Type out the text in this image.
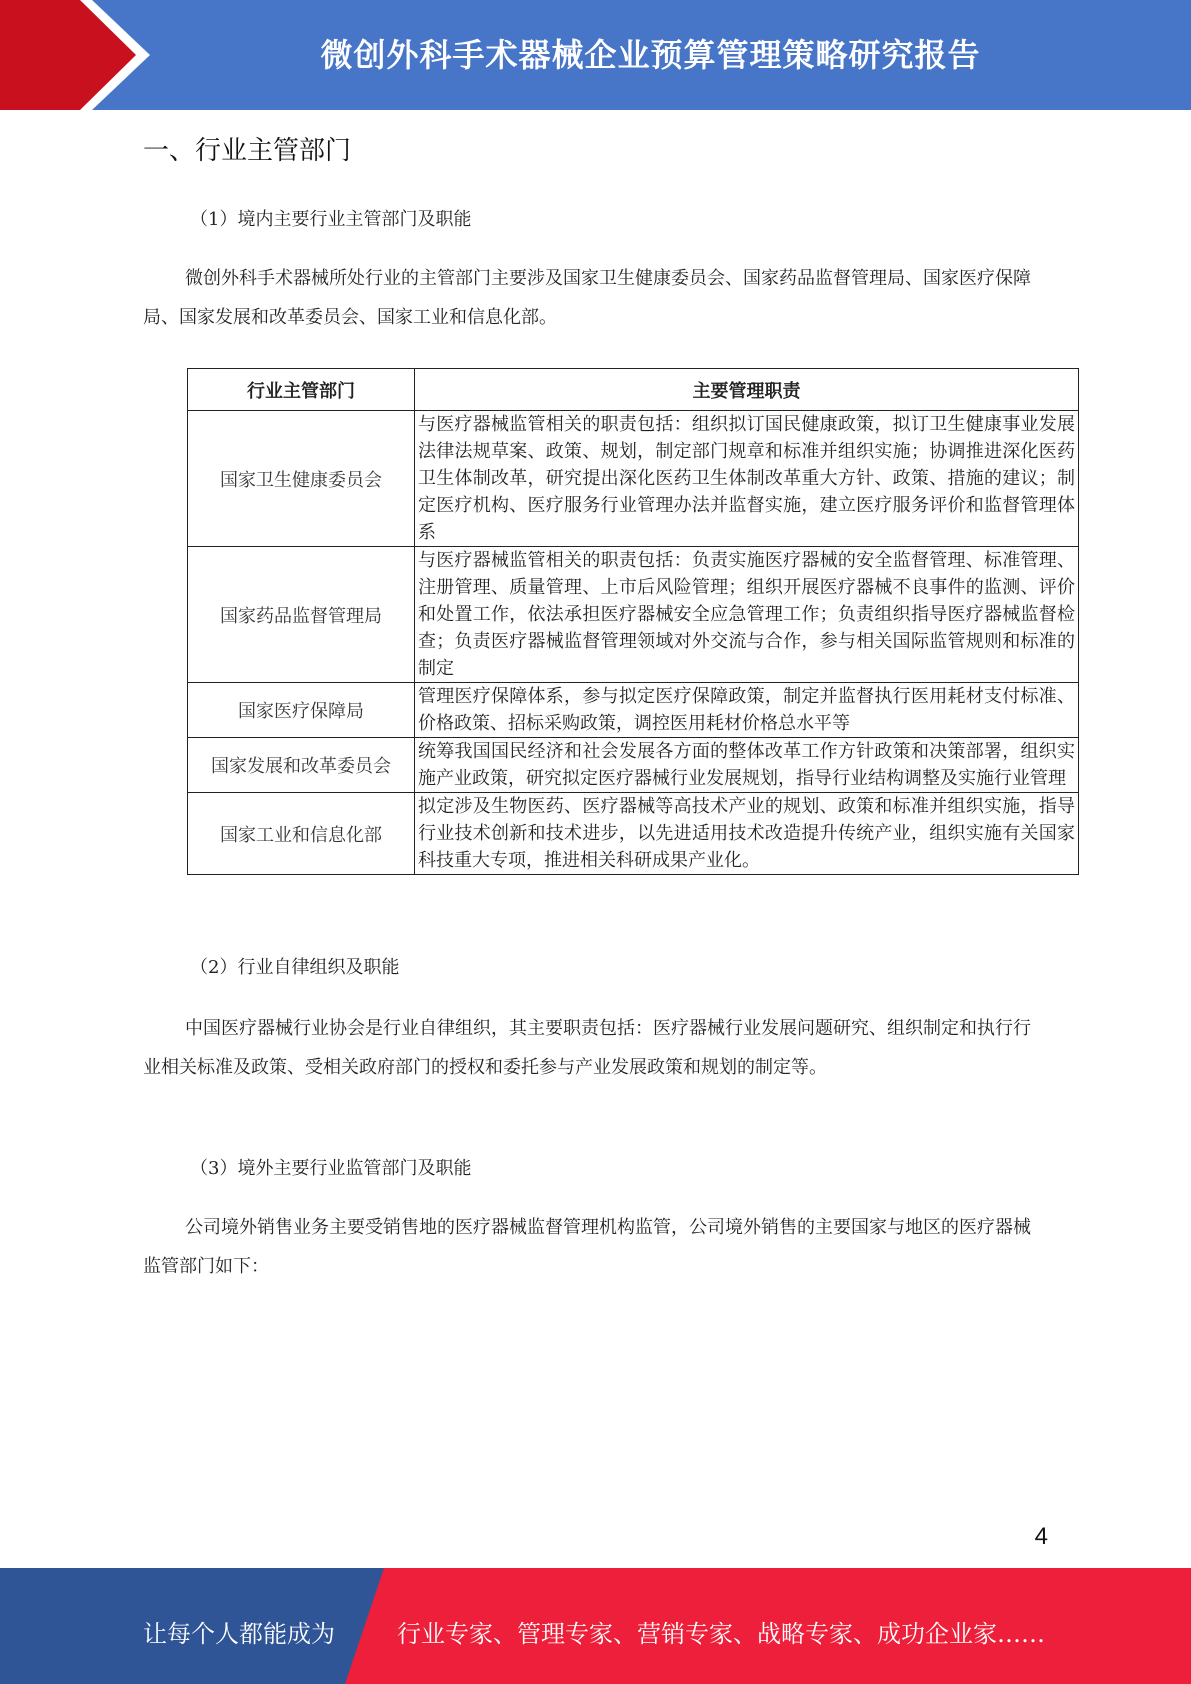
微创外科手术器械企业预算管理策略研究报告
一、行业主管部门
（1）境内主要行业主管部门及职能
微创外科手术器械所处行业的主管部门主要涉及国家卫生健康委员会、国家药品监督管理局、国家医疗保障局、国家发展和改革委员会、国家工业和信息化部。
行业主管部门	主要管理职责
国家卫生健康委员会	与医疗器械监管相关的职责包括：组织拟订国民健康政策，拟订卫生健康事业发展法律法规草案、政策、规划，制定部门规章和标准并组织实施；协调推进深化医药卫生体制改革，研究提出深化医药卫生体制改革重大方针、政策、措施的建议；制定医疗机构、医疗服务行业管理办法并监督实施，建立医疗服务评价和监督管理体系
国家药品监督管理局	与医疗器械监管相关的职责包括：负责实施医疗器械的安全监督管理、标准管理、注册管理、质量管理、上市后风险管理；组织开展医疗器械不良事件的监测、评价和处置工作，依法承担医疗器械安全应急管理工作；负责组织指导医疗器械监督检查；负责医疗器械监督管理领域对外交流与合作，参与相关国际监管规则和标准的制定
国家医疗保障局	管理医疗保障体系，参与拟定医疗保障政策，制定并监督执行医用耗材支付标准、价格政策、招标采购政策，调控医用耗材价格总水平等
国家发展和改革委员会	统筹我国国民经济和社会发展各方面的整体改革工作方针政策和决策部署，组织实施产业政策，研究拟定医疗器械行业发展规划，指导行业结构调整及实施行业管理
国家工业和信息化部	拟定涉及生物医药、医疗器械等高技术产业的规划、政策和标准并组织实施，指导行业技术创新和技术进步，以先进适用技术改造提升传统产业，组织实施有关国家科技重大专项，推进相关科研成果产业化。
（2）行业自律组织及职能
中国医疗器械行业协会是行业自律组织，其主要职责包括：医疗器械行业发展问题研究、组织制定和执行行业相关标准及政策、受相关政府部门的授权和委托参与产业发展政策和规划的制定等。
（3）境外主要行业监管部门及职能
公司境外销售业务主要受销售地的医疗器械监督管理机构监管，公司境外销售的主要国家与地区的医疗器械监管部门如下：
4
让每个人都能成为	行业专家、管理专家、营销专家、战略专家、成功企业家……
